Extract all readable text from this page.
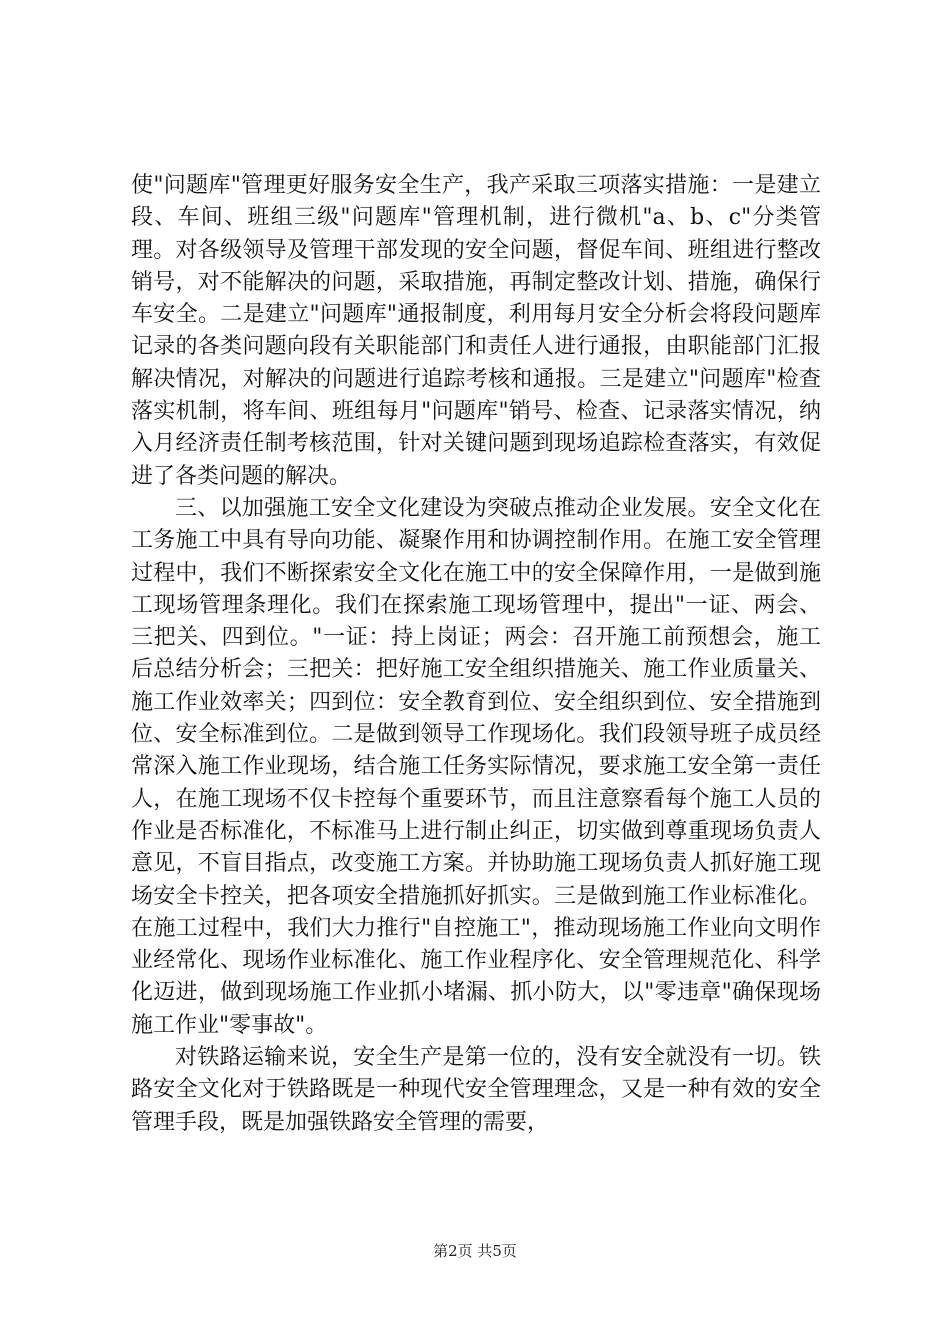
使"问题库"管理更好服务安全生产，我产采取三项落实措施：一是建立段、车间、班组三级"问题库"管理机制，进行微机"a、b、c"分类管理。对各级领导及管理干部发现的安全问题，督促车间、班组进行整改销号，对不能解决的问题，采取措施，再制定整改计划、措施，确保行车安全。二是建立"问题库"通报制度，利用每月安全分析会将段问题库记录的各类问题向段有关职能部门和责任人进行通报，由职能部门汇报解决情况，对解决的问题进行追踪考核和通报。三是建立"问题库"检查落实机制，将车间、班组每月"问题库"销号、检查、记录落实情况，纳入月经济责任制考核范围，针对关键问题到现场追踪检查落实，有效促进了各类问题的解决。

三、以加强施工安全文化建设为突破点推动企业发展。安全文化在工务施工中具有导向功能、凝聚作用和协调控制作用。在施工安全管理过程中，我们不断探索安全文化在施工中的安全保障作用，一是做到施工现场管理条理化。我们在探索施工现场管理中，提出"一证、两会、三把关、四到位。"一证：持上岗证；两会：召开施工前预想会，施工后总结分析会；三把关：把好施工安全组织措施关、施工作业质量关、施工作业效率关；四到位：安全教育到位、安全组织到位、安全措施到位、安全标准到位。二是做到领导工作现场化。我们段领导班子成员经常深入施工作业现场，结合施工任务实际情况，要求施工安全第一责任人，在施工现场不仅卡控每个重要环节，而且注意察看每个施工人员的作业是否标准化，不标准马上进行制止纠正，切实做到尊重现场负责人意见，不盲目指点，改变施工方案。并协助施工现场负责人抓好施工现场安全卡控关，把各项安全措施抓好抓实。三是做到施工作业标准化。在施工过程中，我们大力推行"自控施工"，推动现场施工作业向文明作业经常化、现场作业标准化、施工作业程序化、安全管理规范化、科学化迈进，做到现场施工作业抓小堵漏、抓小防大，以"零违章"确保现场施工作业"零事故"。

对铁路运输来说，安全生产是第一位的，没有安全就没有一切。铁路安全文化对于铁路既是一种现代安全管理理念，又是一种有效的安全管理手段，既是加强铁路安全管理的需要，

第2页 共5页
